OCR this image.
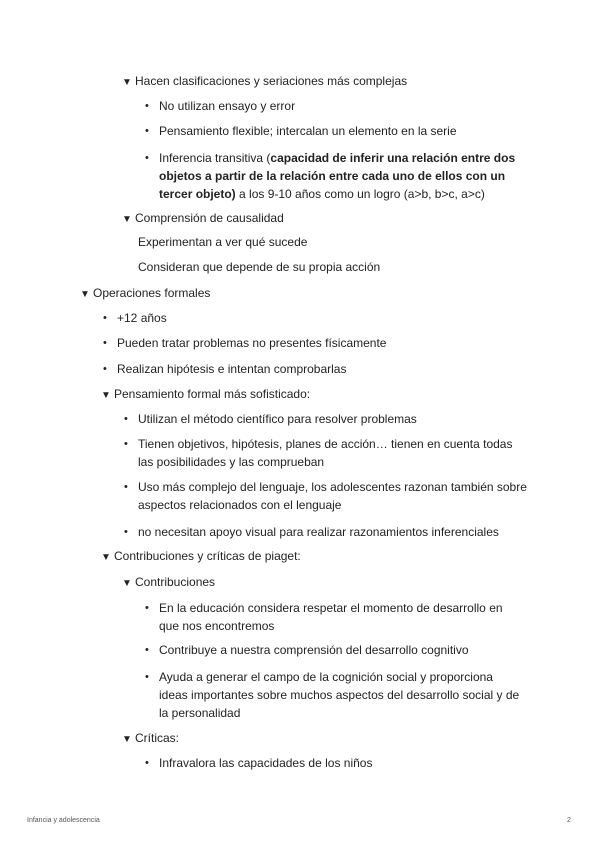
▼ Hacen clasificaciones y seriaciones más complejas
• No utilizan ensayo y error
• Pensamiento flexible; intercalan un elemento en la serie
• Inferencia transitiva (capacidad de inferir una relación entre dos objetos a partir de la relación entre cada uno de ellos con un tercer objeto) a los 9-10 años como un logro (a>b, b>c, a>c)
▼ Comprensión de causalidad
Experimentan a ver qué sucede
Consideran que depende de su propia acción
▼ Operaciones formales
• +12 años
• Pueden tratar problemas no presentes físicamente
• Realizan hipótesis e intentan comprobarlas
▼ Pensamiento formal más sofisticado:
• Utilizan el método científico para resolver problemas
• Tienen objetivos, hipótesis, planes de acción… tienen en cuenta todas las posibilidades y las comprueban
• Uso más complejo del lenguaje, los adolescentes razonan también sobre aspectos relacionados con el lenguaje
• no necesitan apoyo visual para realizar razonamientos inferenciales
▼ Contribuciones y críticas de piaget:
▼ Contribuciones
• En la educación considera respetar el momento de desarrollo en que nos encontremos
• Contribuye a nuestra comprensión del desarrollo cognitivo
• Ayuda a generar el campo de la cognición social y proporciona ideas importantes sobre muchos aspectos del desarrollo social y de la personalidad
▼ Críticas:
• Infravalora las capacidades de los niños
Infancia y adolescencia	2
